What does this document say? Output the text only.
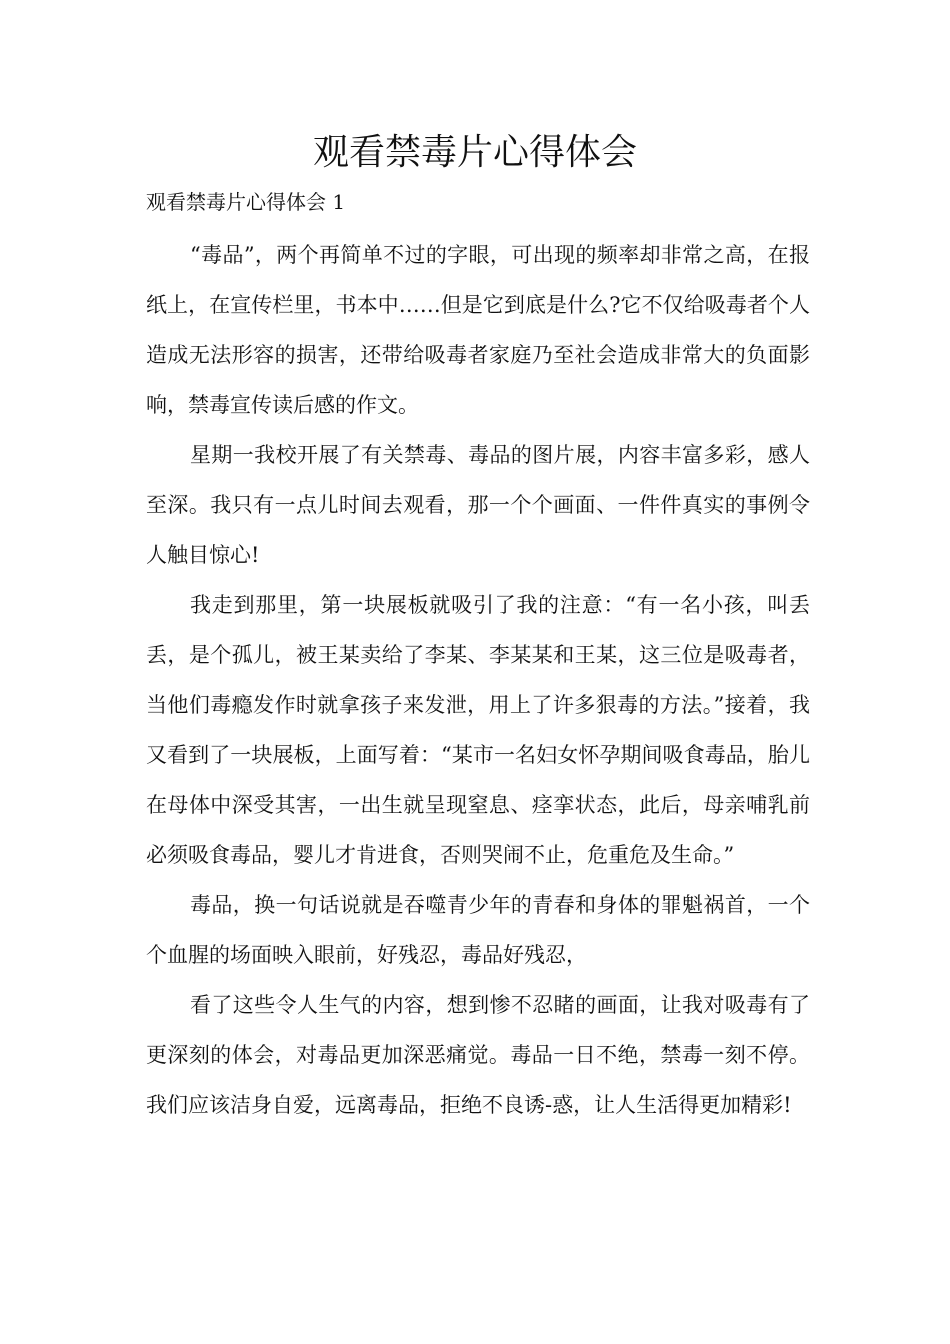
观看禁毒片心得体会

观看禁毒片心得体会 1

“毒品”，两个再简单不过的字眼，可出现的频率却非常之高，在报纸上，在宣传栏里，书本中……但是它到底是什么?它不仅给吸毒者个人造成无法形容的损害，还带给吸毒者家庭乃至社会造成非常大的负面影响，禁毒宣传读后感的作文。

星期一我校开展了有关禁毒、毒品的图片展，内容丰富多彩，感人至深。我只有一点儿时间去观看，那一个个画面、一件件真实的事例令人触目惊心!

我走到那里，第一块展板就吸引了我的注意：“有一名小孩，叫丢丢，是个孤儿，被王某卖给了李某、李某某和王某，这三位是吸毒者，当他们毒瘾发作时就拿孩子来发泄，用上了许多狠毒的方法。”接着，我又看到了一块展板，上面写着：“某市一名妇女怀孕期间吸食毒品，胎儿在母体中深受其害，一出生就呈现窒息、痉挛状态，此后，母亲哺乳前必须吸食毒品，婴儿才肯进食，否则哭闹不止，危重危及生命。”

毒品，换一句话说就是吞噬青少年的青春和身体的罪魁祸首，一个个血腥的场面映入眼前，好残忍，毒品好残忍，

看了这些令人生气的内容，想到惨不忍睹的画面，让我对吸毒有了更深刻的体会，对毒品更加深恶痛觉。毒品一日不绝，禁毒一刻不停。我们应该洁身自爱，远离毒品，拒绝不良诱-惑，让人生活得更加精彩!
